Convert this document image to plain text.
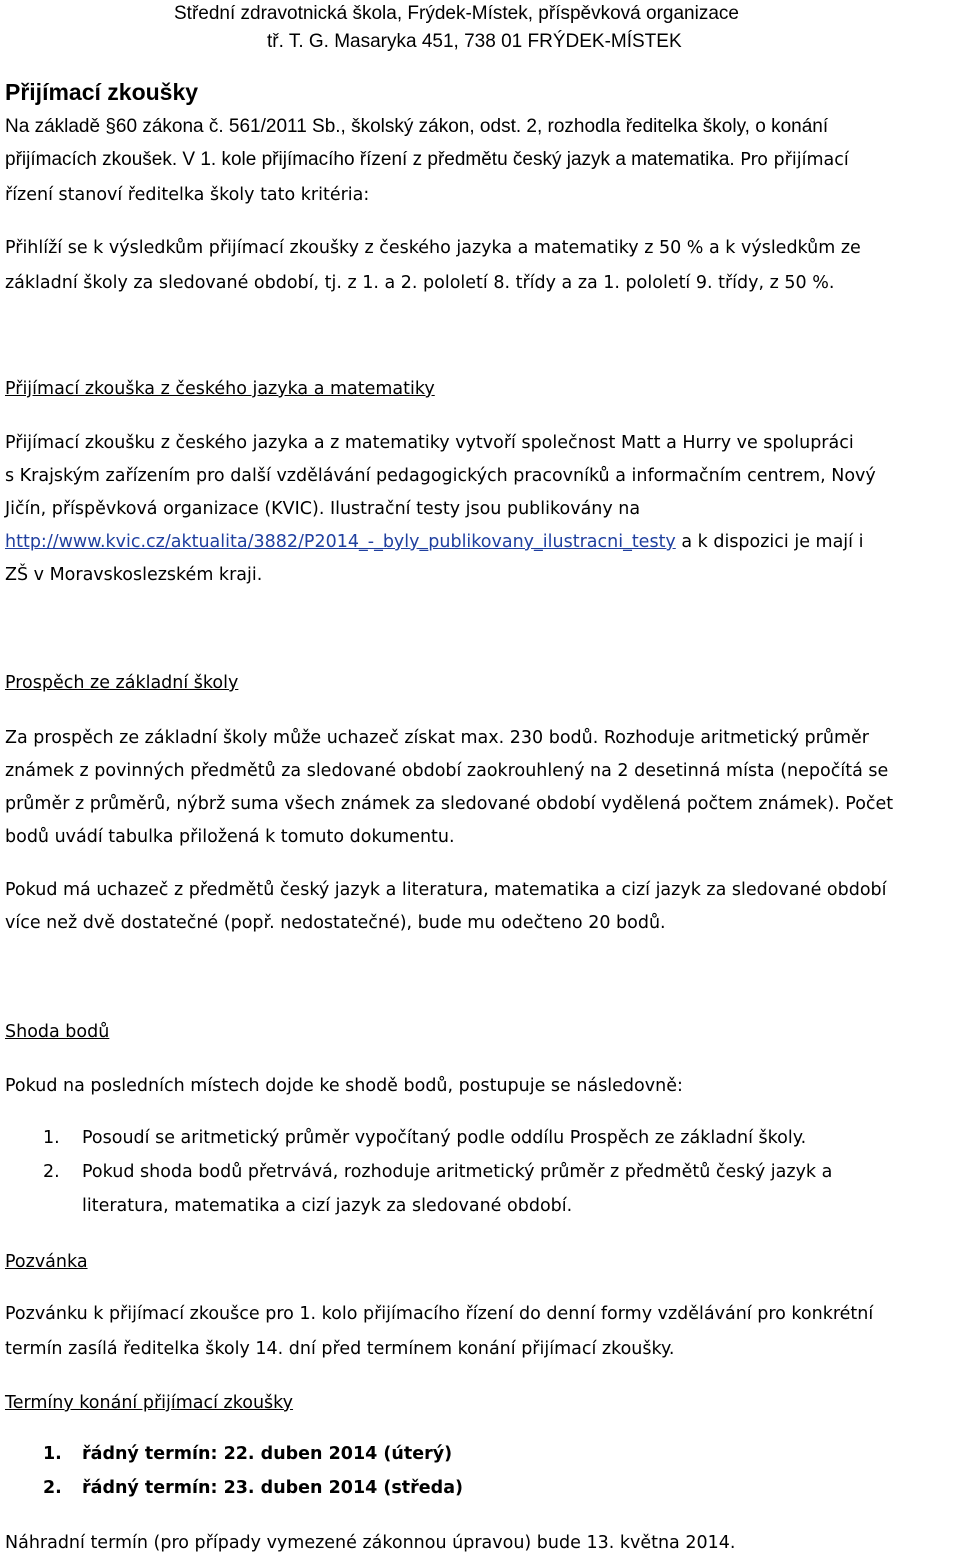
Střední zdravotnická škola, Frýdek-Místek, příspěvková organizace
tř. T. G. Masaryka 451, 738 01 FRÝDEK-MÍSTEK
Přijímací zkoušky
Na základě §60 zákona č. 561/2011 Sb., školský zákon, odst. 2, rozhodla ředitelka školy, o konání
přijímacích zkoušek. V 1. kole přijímacího řízení z předmětu český jazyk a matematika. Pro přijímací
řízení stanoví ředitelka školy tato kritéria:
Přihlíží se k výsledkům přijímací zkoušky z českého jazyka a matematiky z 50 % a k výsledkům ze
základní školy za sledované období, tj. z 1. a 2. pololetí 8. třídy a za 1. pololetí 9. třídy, z 50 %.
Přijímací zkouška z českého jazyka a matematiky
Přijímací zkoušku z českého jazyka a z matematiky vytvoří společnost Matt a Hurry ve spolupráci
s Krajským zařízením pro další vzdělávání pedagogických pracovníků a informačním centrem, Nový
Jičín, příspěvková organizace (KVIC). Ilustrační testy jsou publikovány na
http://www.kvic.cz/aktualita/3882/P2014_-_byly_publikovany_ilustracni_testy a k dispozici je mají i
ZŠ v Moravskoslezském kraji.
Prospěch ze základní školy
Za prospěch ze základní školy může uchazeč získat max. 230 bodů. Rozhoduje aritmetický průměr
známek z povinných předmětů za sledované období zaokrouhlený na 2 desetinná místa (nepočítá se
průměr z průměrů, nýbrž suma všech známek za sledované období vydělená počtem známek). Počet
bodů uvádí tabulka přiložená k tomuto dokumentu.
Pokud má uchazeč z předmětů český jazyk a literatura, matematika a cizí jazyk za sledované období
více než dvě dostatečné (popř. nedostatečné), bude mu odečteno 20 bodů.
Shoda bodů
Pokud na posledních místech dojde ke shodě bodů, postupuje se následovně:
1. Posoudí se aritmetický průměr vypočítaný podle oddílu Prospěch ze základní školy.
2. Pokud shoda bodů přetrvává, rozhoduje aritmetický průměr z předmětů český jazyk a
literatura, matematika a cizí jazyk za sledované období.
Pozvánka
Pozvánku k přijímací zkoušce pro 1. kolo přijímacího řízení do denní formy vzdělávání pro konkrétní
termín zasílá ředitelka školy 14. dní před termínem konání přijímací zkoušky.
Termíny konání přijímací zkoušky
1. řádný termín: 22. duben 2014 (úterý)
2. řádný termín: 23. duben 2014 (středa)
Náhradní termín (pro případy vymezené zákonnou úpravou) bude 13. května 2014.
